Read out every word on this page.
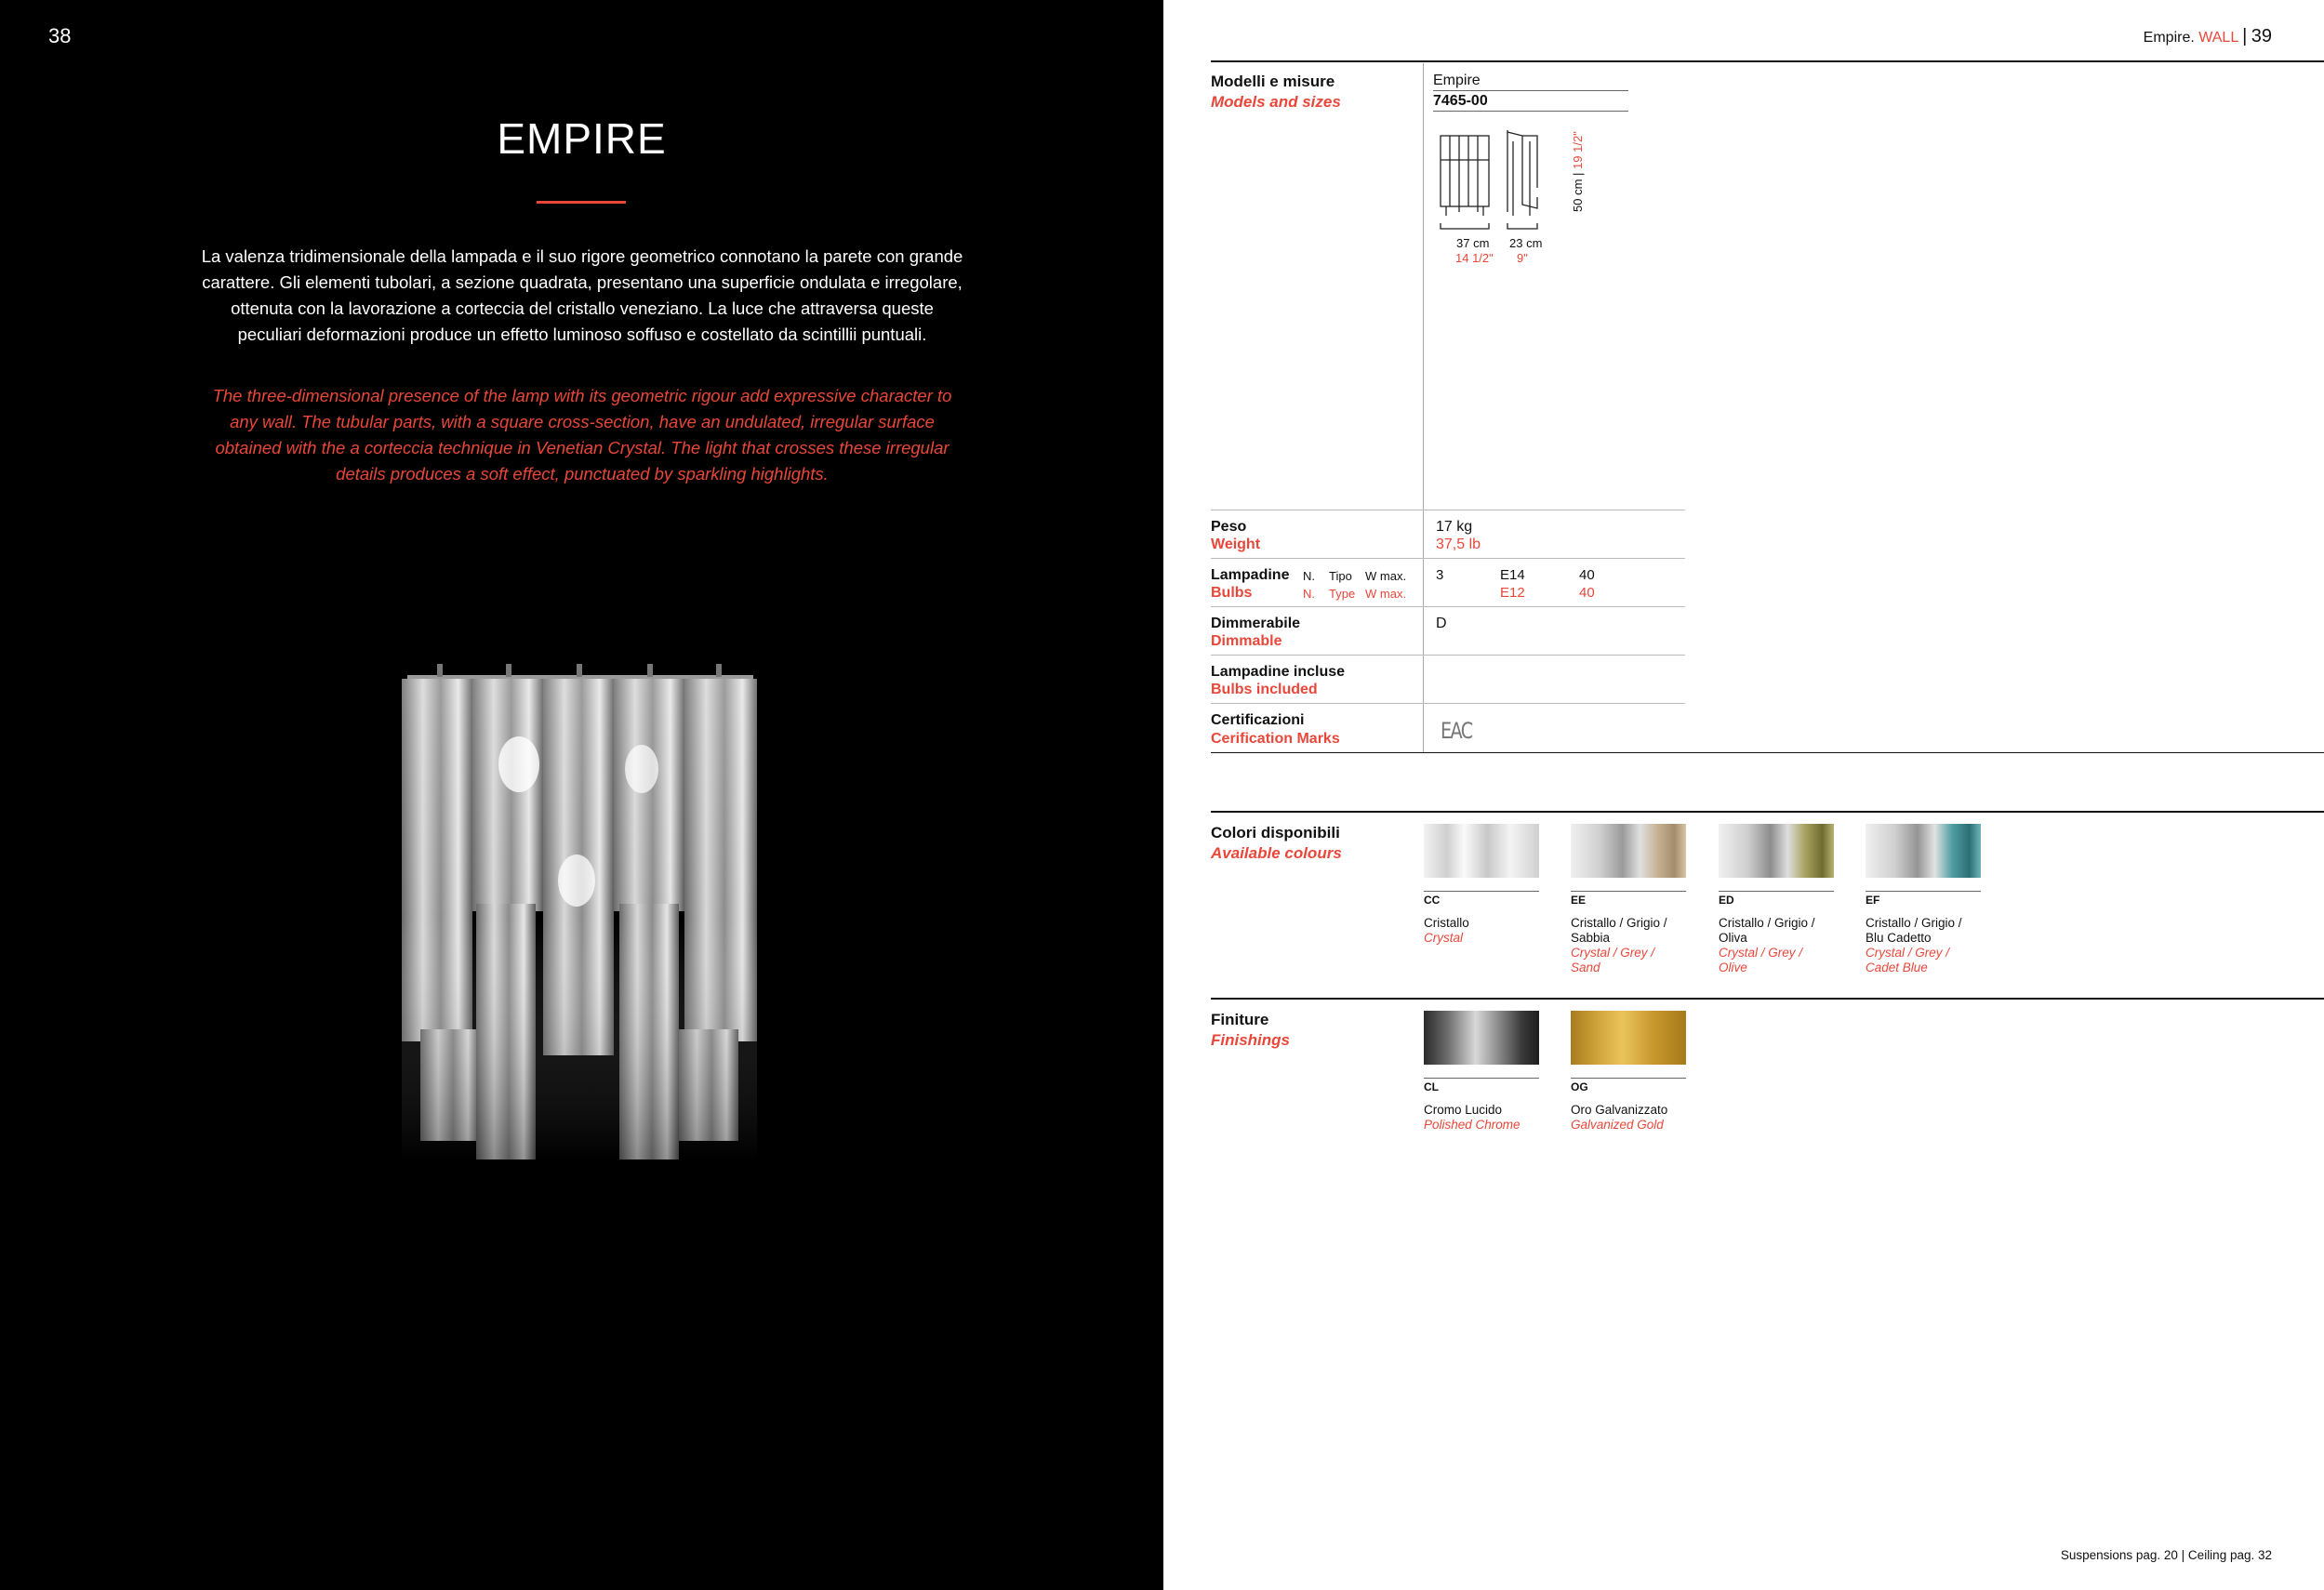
38
EMPIRE
La valenza tridimensionale della lampada e il suo rigore geometrico connotano la parete con grande carattere. Gli elementi tubolari, a sezione quadrata, presentano una superficie ondulata e irregolare, ottenuta con la lavorazione a corteccia del cristallo veneziano. La luce che attraversa queste peculiari deformazioni produce un effetto luminoso soffuso e costellato da scintillii puntuali.
The three-dimensional presence of the lamp with its geometric rigour add expressive character to any wall. The tubular parts, with a square cross-section, have an undulated, irregular surface obtained with the a corteccia technique in Venetian Crystal. The light that crosses these irregular details produces a soft effect, punctuated by sparkling highlights.
Empire. WALL | 39
Modelli e misure
Models and sizes
Empire
7465-00
37 cm
14 1/2"
23 cm
9"
50 cm | 19 1/2"
Peso
Weight
17 kg
37,5 lb
Lampadine
Bulbs
N. Tipo W max.
N. Type W max.
3	E14
E12
40
40
Dimmerabile
Dimmable
D
Lampadine incluse
Bulbs included
Certificazioni
Cerification Marks	EAC
Colori disponibili
Available colours
CC
Cristallo
Crystal
EE
Cristallo / Grigio / Sabbia
Crystal / Grey / Sand
ED
Cristallo / Grigio / Oliva
Crystal / Grey / Olive
EF
Cristallo / Grigio / Blu Cadetto
Crystal / Grey / Cadet Blue
Finiture
Finishings
CL
Cromo Lucido
Polished Chrome
OG
Oro Galvanizzato
Galvanized Gold
Suspensions pag. 20 | Ceiling pag. 32
